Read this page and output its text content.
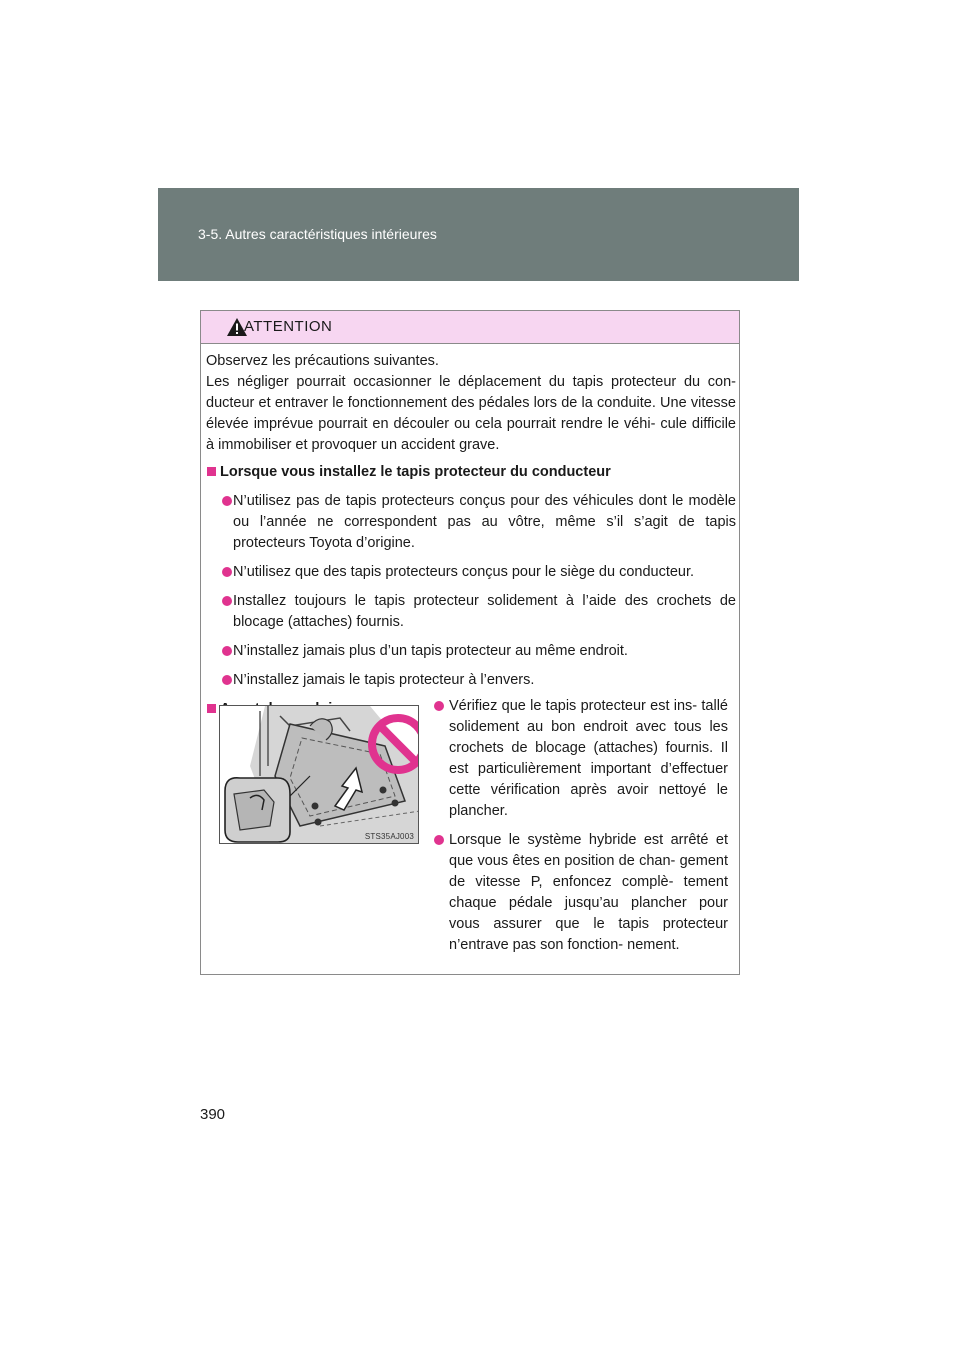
3-5. Autres caractéristiques intérieures
ATTENTION

Observez les précautions suivantes.

Les négliger pourrait occasionner le déplacement du tapis protecteur du con- ducteur et entraver le fonctionnement des pédales lors de la conduite. Une vitesse élevée imprévue pourrait en découler ou cela pourrait rendre le véhi- cule difficile à immobiliser et provoquer un accident grave.

Lorsque vous installez le tapis protecteur du conducteur

N’utilisez pas de tapis protecteurs conçus pour des véhicules dont le modèle ou l’année ne correspondent pas au vôtre, même s’il s’agit de tapis protecteurs Toyota d’origine.

N’utilisez que des tapis protecteurs conçus pour le siège du conducteur.

Installez toujours le tapis protecteur solidement à l’aide des crochets de blocage (attaches) fournis.

N’installez jamais plus d’un tapis protecteur au même endroit.

N’installez jamais le tapis protecteur à l’envers.

STS35AJ003

Vérifiez que le tapis protecteur est ins- tallé solidement au bon endroit avec tous les crochets de blocage (attaches) fournis. Il est particulièrement important d’effectuer cette vérification après avoir nettoyé le plancher.

Lorsque le système hybride est arrêté et que vous êtes en position de chan- gement de vitesse P, enfoncez complè- tement chaque pédale jusqu’au plancher pour vous assurer que le tapis protecteur n’entrave pas son fonction- nement.

390
